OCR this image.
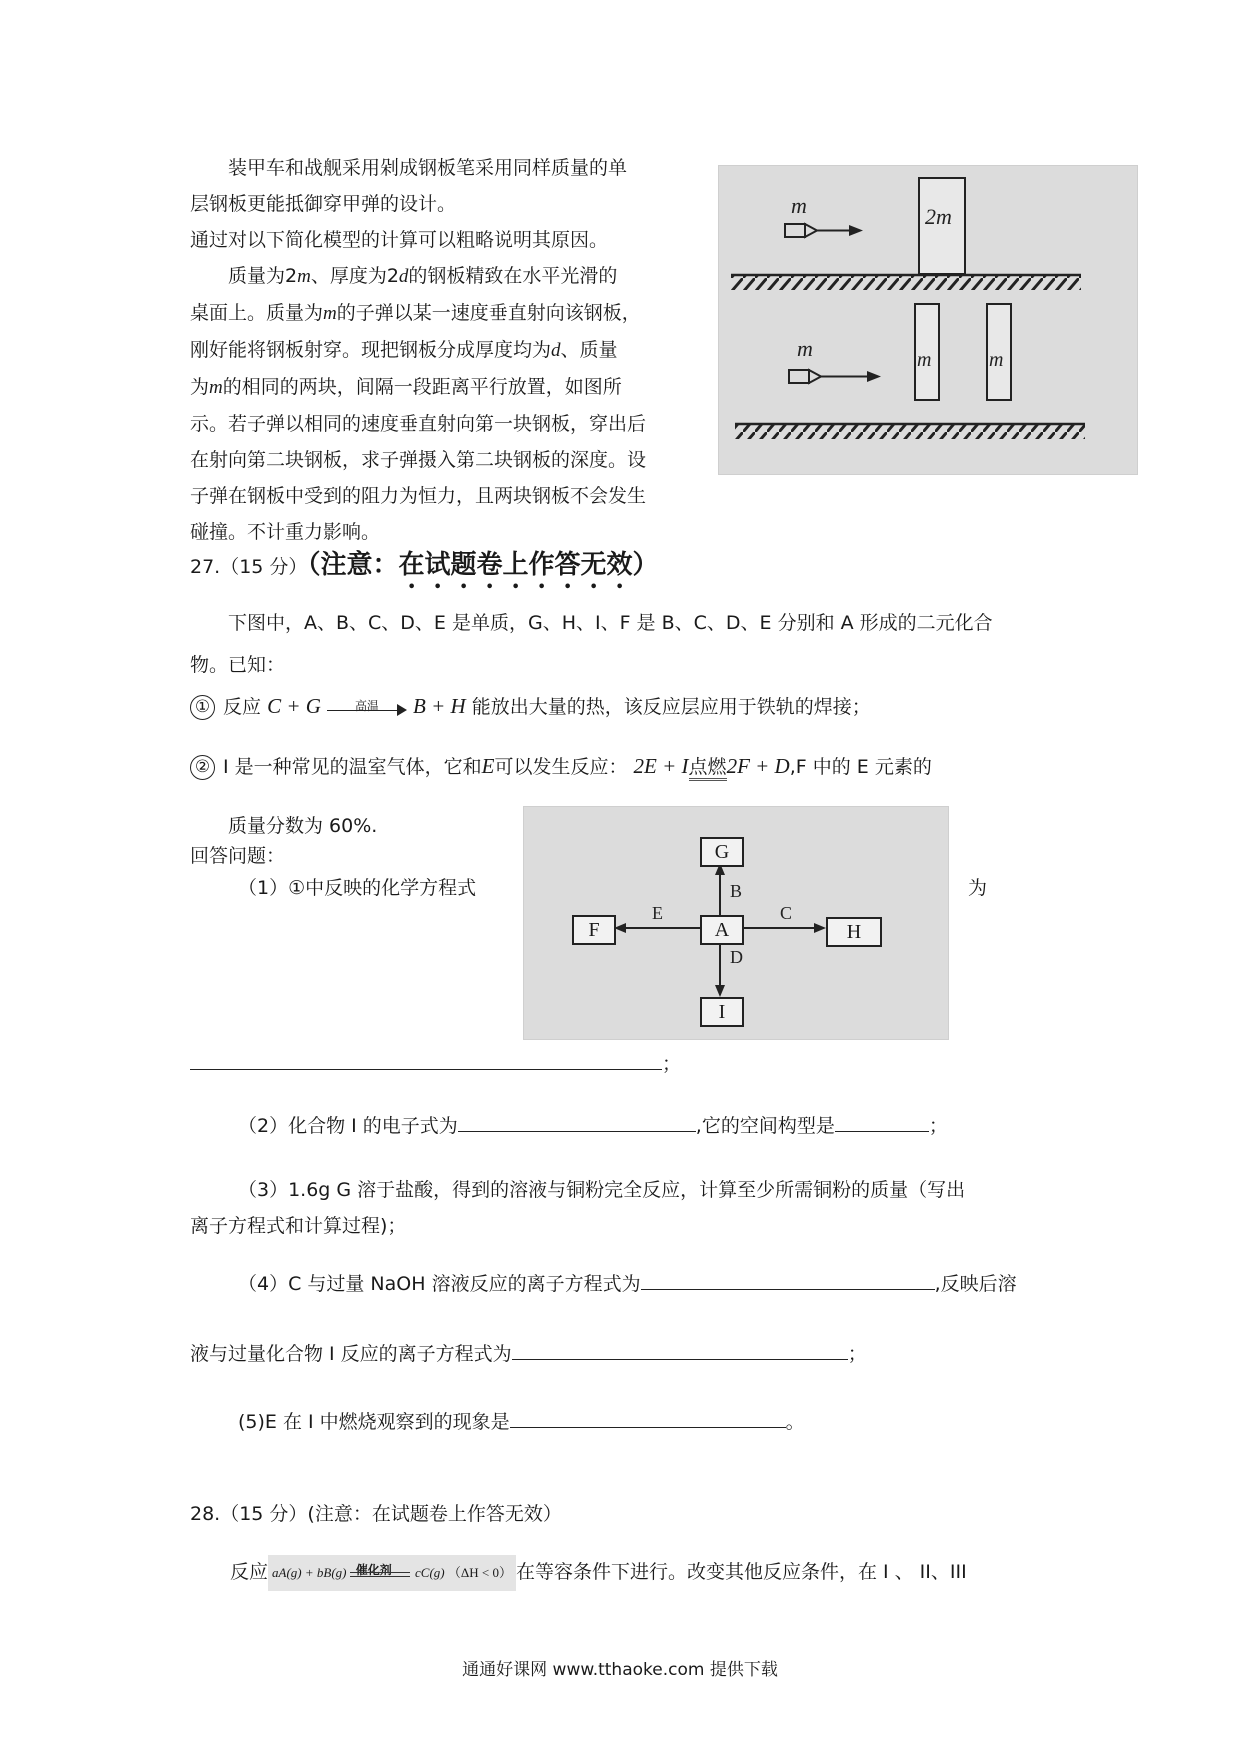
装甲车和战舰采用剁成钢板笔采用同样质量的单

层钢板更能抵御穿甲弹的设计。

通过对以下简化模型的计算可以粗略说明其原因。

质量为2m、厚度为2d的钢板精致在水平光滑的

桌面上。质量为m的子弹以某一速度垂直射向该钢板，

刚好能将钢板射穿。现把钢板分成厚度均为d、质量

为m的相同的两块，间隔一段距离平行放置，如图所

示。若子弹以相同的速度垂直射向第一块钢板，穿出后

在射向第二块钢板，求子弹摄入第二块钢板的深度。设

子弹在钢板中受到的阻力为恒力，且两块钢板不会发生

碰撞。不计重力影响。

m	2m
m	m	m
27.（15 分）（注意：在试题卷上作答无效）

下图中，A、B、C、D、E 是单质，G、H、I、F 是 B、C、D、E 分别和 A 形成的二元化合

物。已知：

① 反应 C + G	高温	B + H 能放出大量的热，该反应层应用于铁轨的焊接；
② I 是一种常见的温室气体，它和E可以发生反应： 2E + I点燃2F + D,F 中的 E 元素的
质量分数为 60%.
回答问题：
（1）①中反映的化学方程式	为
G
F	A	H
I
B
E	C
D
；
（2）化合物 I 的电子式为	,它的空间构型是	；

（3）1.6g G 溶于盐酸，得到的溶液与铜粉完全反应，计算至少所需铜粉的质量（写出

离子方程式和计算过程)；

（4）C 与过量 NaOH 溶液反应的离子方程式为	,反映后溶
液与过量化合物 I 反应的离子方程式为	；
(5)E 在 I 中燃烧观察到的现象是	。
28.（15 分）(注意：在试题卷上作答无效）
反应 aA(g) + bB(g) 催化剂 cC(g) （ΔH < 0） 在等容条件下进行。改变其他反应条件，在 I 、 II、III
通通好课网 www.tthaoke.com 提供下载
